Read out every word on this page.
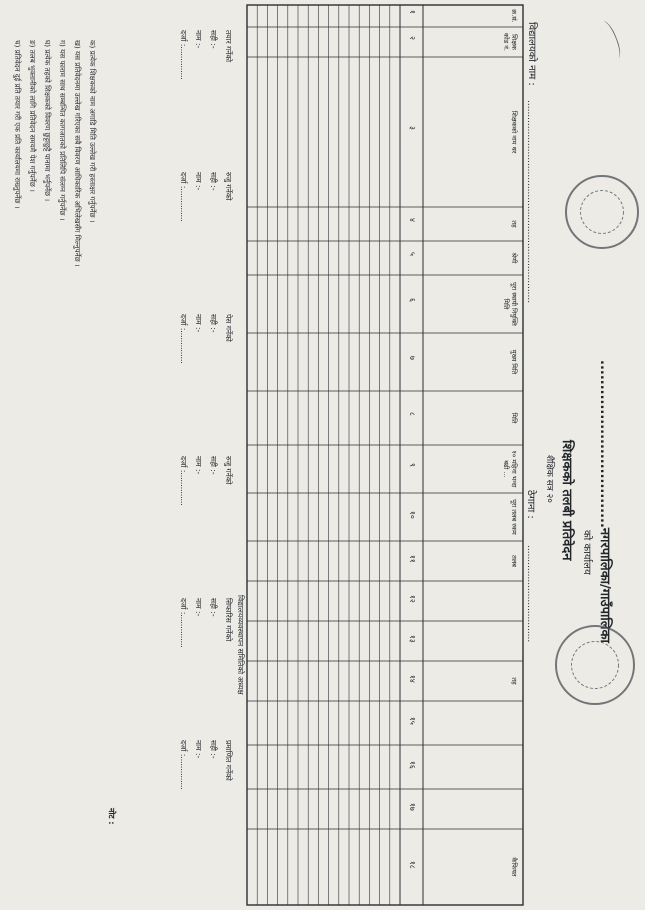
..................................नगरपालिका/गाउँपालिका
को कार्यालय
शिक्षकको तलबी प्रतिवेदन
शैक्षिक सत्र २०
विद्यालयको नाम :
.......................................................................
ठेगाना :
..................................
क्र.सं.
१
शिक्षक कोड नं.
२
शिक्षकको नाम थर
३
तह
४
श्रेणी
५
पूरा स्थायी नियुक्ति मिति
६
मुख्य मिति
७
मिति
८
१० महिना भन्दा बढी ...
९
पूरा तलब रकम
१०
तलब
११
१२
१३
तह
१४
१५
१६
१७
कैफियत
१८
नोट :
क) प्रत्येक शिक्षकको नाम अगाडि मिति उल्लेख गरी हस्ताक्षर गर्नुपर्नेछ ।
ख) यस प्रतिवेदनमा उल्लेख गरिएका सबै विवरण आधिकारिक अभिलेखसँग मिल्नुपर्नेछ ।
ग) यस फाराम साथ सम्बन्धित कागजातको प्रतिलिपि संलग्न गर्नुपर्नेछ ।
घ) प्रत्येक तहको शिक्षकको विवरण छुट्टाछुट्टै पानामा भर्नुपर्नेछ ।
ङ) तलब भुक्तानीको लागि प्रतिवेदन समयमै पेश गर्नुपर्नेछ ।
च) प्रतिवेदन दुई प्रति तयार गरी एक प्रति कार्यालयमा राख्नुपर्नेछ ।	तयार गर्नेको
सही :-
नाम :-
दर्जा :..............
रुजु गर्नेको
सही :-
नाम :-
दर्जा :..............
पेस गर्नेको
सही :-
नाम :-
दर्जा :..............
रुजु गर्नेको
सही :-
नाम :-
दर्जा :..............
सिफारिस गर्नेको
सही :-
नाम :-
दर्जा :..............
प्रमाणित गर्नेको
सही :-
नाम :-
दर्जा :..............
विद्यालयव्यवस्थापन समितिको अध्यक्ष
